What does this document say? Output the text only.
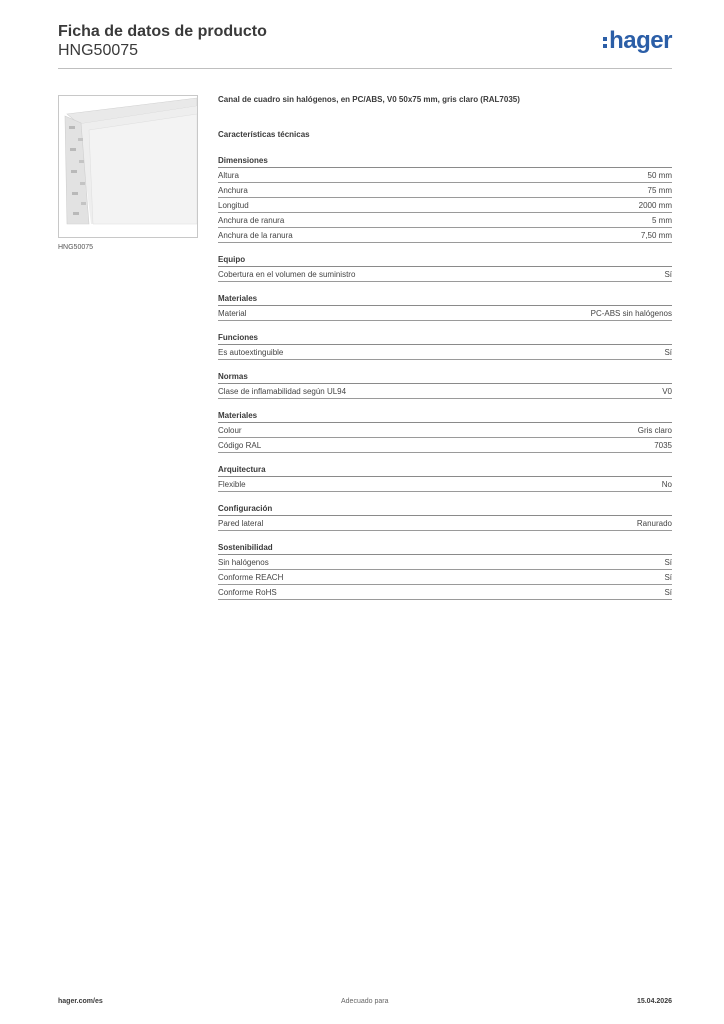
Ficha de datos de producto
HNG50075	hager
HNG50075
Canal de cuadro sin halógenos, en PC/ABS, V0 50x75 mm, gris claro (RAL7035)
Características técnicas
Dimensiones
Altura	50 mm
Anchura	75 mm
Longitud	2000 mm
Anchura de ranura	5 mm
Anchura de la ranura	7,50 mm
Equipo
Cobertura en el volumen de suministro	Sí
Materiales
Material	PC-ABS sin halógenos
Funciones
Es autoextinguible	Sí
Normas
Clase de inflamabilidad según UL94	V0
Materiales
Colour	Gris claro
Código RAL	7035
Arquitectura
Flexible	No
Configuración
Pared lateral	Ranurado
Sostenibilidad
Sin halógenos	Sí
Conforme REACH	Sí
Conforme RoHS	Sí
hager.com/es	Adecuado para	15.04.2026
